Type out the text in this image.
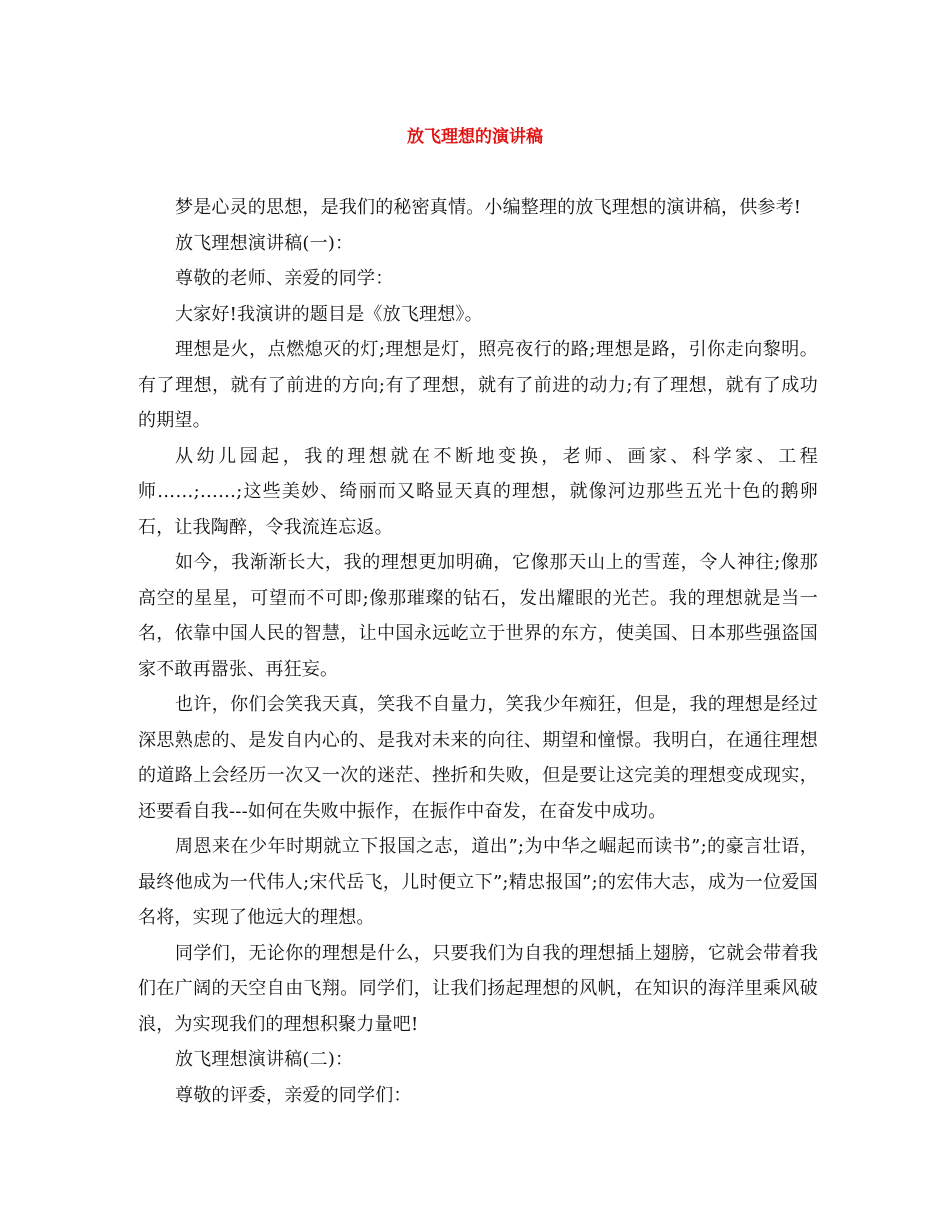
放飞理想的演讲稿

梦是心灵的思想，是我们的秘密真情。小编整理的放飞理想的演讲稿，供参考!

放飞理想演讲稿(一)：

尊敬的老师、亲爱的同学：

大家好!我演讲的题目是《放飞理想》。

理想是火，点燃熄灭的灯;理想是灯，照亮夜行的路;理想是路，引你走向黎明。有了理想，就有了前进的方向;有了理想，就有了前进的动力;有了理想，就有了成功的期望。

从幼儿园起，我的理想就在不断地变换，老师、画家、科学家、工程师……;……;这些美妙、绮丽而又略显天真的理想，就像河边那些五光十色的鹅卵石，让我陶醉，令我流连忘返。

如今，我渐渐长大，我的理想更加明确，它像那天山上的雪莲，令人神往;像那高空的星星，可望而不可即;像那璀璨的钻石，发出耀眼的光芒。我的理想就是当一名，依靠中国人民的智慧，让中国永远屹立于世界的东方，使美国、日本那些强盗国家不敢再嚣张、再狂妄。

也许，你们会笑我天真，笑我不自量力，笑我少年痴狂，但是，我的理想是经过深思熟虑的、是发自内心的、是我对未来的向往、期望和憧憬。我明白，在通往理想的道路上会经历一次又一次的迷茫、挫折和失败，但是要让这完美的理想变成现实，还要看自我---如何在失败中振作，在振作中奋发，在奋发中成功。

周恩来在少年时期就立下报国之志，道出”;为中华之崛起而读书”;的豪言壮语，最终他成为一代伟人;宋代岳飞，儿时便立下”;精忠报国”;的宏伟大志，成为一位爱国名将，实现了他远大的理想。

同学们，无论你的理想是什么，只要我们为自我的理想插上翅膀，它就会带着我们在广阔的天空自由飞翔。同学们，让我们扬起理想的风帆，在知识的海洋里乘风破浪，为实现我们的理想积聚力量吧!

放飞理想演讲稿(二)：

尊敬的评委，亲爱的同学们：
